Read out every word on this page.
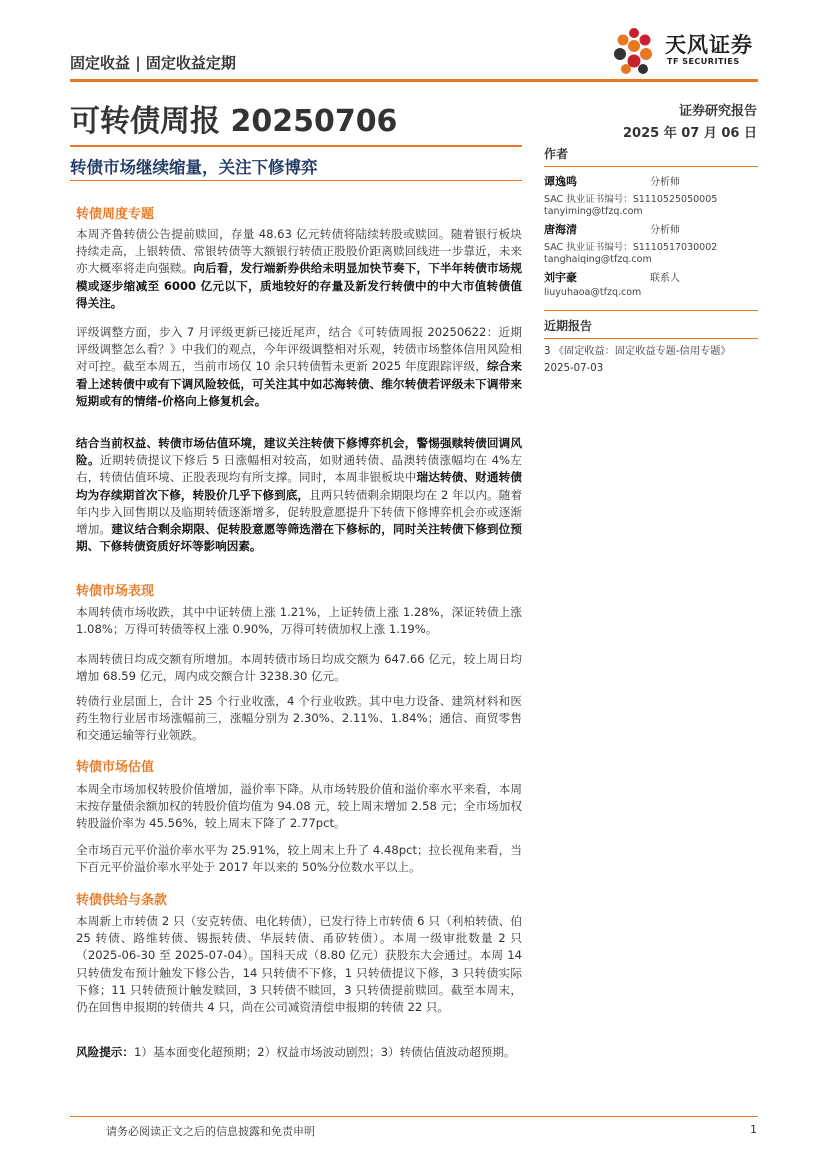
固定收益 | 固定收益定期
天风证券
TF SECURITIES
可转债周报 20250706	证券研究报告
2025 年 07 月 06 日
转债市场继续缩量，关注下修博弈
转债周度专题

本周齐鲁转债公告提前赎回，存量 48.63 亿元转债将陆续转股或赎回。随着银行板块持续走高，上银转债、常银转债等大额银行转债正股股价距离赎回线进一步靠近，未来亦大概率将走向强赎。向后看，发行端新券供给未明显加快节奏下，下半年转债市场规模或逐步缩减至 6000 亿元以下，质地较好的存量及新发行转债中的中大市值转债值得关注。

评级调整方面，步入 7 月评级更新已接近尾声，结合《可转债周报 20250622：近期评级调整怎么看？》中我们的观点，今年评级调整相对乐观，转债市场整体信用风险相对可控。截至本周五，当前市场仅 10 余只转债暂未更新 2025 年度跟踪评级，综合来看上述转债中或有下调风险较低，可关注其中如芯海转债、维尔转债若评级未下调带来短期或有的情绪-价格向上修复机会。

结合当前权益、转债市场估值环境，建议关注转债下修博弈机会，警惕强赎转债回调风险。近期转债提议下修后 5 日涨幅相对较高，如财通转债、晶澳转债涨幅均在 4%左右，转债估值环境、正股表现均有所支撑。同时，本周非银板块中瑞达转债、财通转债均为存续期首次下修，转股价几乎下修到底，且两只转债剩余期限均在 2 年以内。随着年内步入回售期以及临期转债逐渐增多，促转股意愿提升下转债下修博弈机会亦或逐渐增加。建议结合剩余期限、促转股意愿等筛选潜在下修标的，同时关注转债下修到位预期、下修转债资质好坏等影响因素。

转债市场表现

本周转债市场收跌，其中中证转债上涨 1.21%，上证转债上涨 1.28%，深证转债上涨 1.08%；万得可转债等权上涨 0.90%，万得可转债加权上涨 1.19%。

本周转债日均成交额有所增加。本周转债市场日均成交额为 647.66 亿元，较上周日均增加 68.59 亿元，周内成交额合计 3238.30 亿元。

转债行业层面上，合计 25 个行业收涨，4 个行业收跌。其中电力设备、建筑材料和医药生物行业居市场涨幅前三，涨幅分别为 2.30%、2.11%、1.84%；通信、商贸零售和交通运输等行业领跌。

转债市场估值

本周全市场加权转股价值增加，溢价率下降。从市场转股价值和溢价率水平来看，本周末按存量债余额加权的转股价值均值为 94.08 元，较上周末增加 2.58 元；全市场加权转股溢价率为 45.56%，较上周末下降了 2.77pct。

全市场百元平价溢价率水平为 25.91%，较上周末上升了 4.48pct；拉长视角来看，当下百元平价溢价率水平处于 2017 年以来的 50%分位数水平以上。

转债供给与条款

本周新上市转债 2 只（安克转债、电化转债），已发行待上市转债 6 只（利柏转债、伯 25 转债、路维转债、锡振转债、华辰转债、甬矽转债）。本周一级审批数量 2 只（2025-06-30 至 2025-07-04）。国科天成（8.80 亿元）获股东大会通过。本周 14 只转债发布预计触发下修公告，14 只转债不下修，1 只转债提议下修，3 只转债实际下修；11 只转债预计触发赎回，3 只转债不赎回，3 只转债提前赎回。截至本周末，仍在回售申报期的转债共 4 只，尚在公司减资清偿申报期的转债 22 只。

风险提示：1）基本面变化超预期；2）权益市场波动剧烈；3）转债估值波动超预期。

作者
谭逸鸣	分析师
SAC 执业证书编号：S1110525050005
tanyiming@tfzq.com
唐海清	分析师
SAC 执业证书编号：S1110517030002
tanghaiqing@tfzq.com
刘宇豪	联系人
liuyuhaoa@tfzq.com
近期报告
3 《固定收益：固定收益专题-信用专题》 2025-07-03
请务必阅读正文之后的信息披露和免责申明	1
